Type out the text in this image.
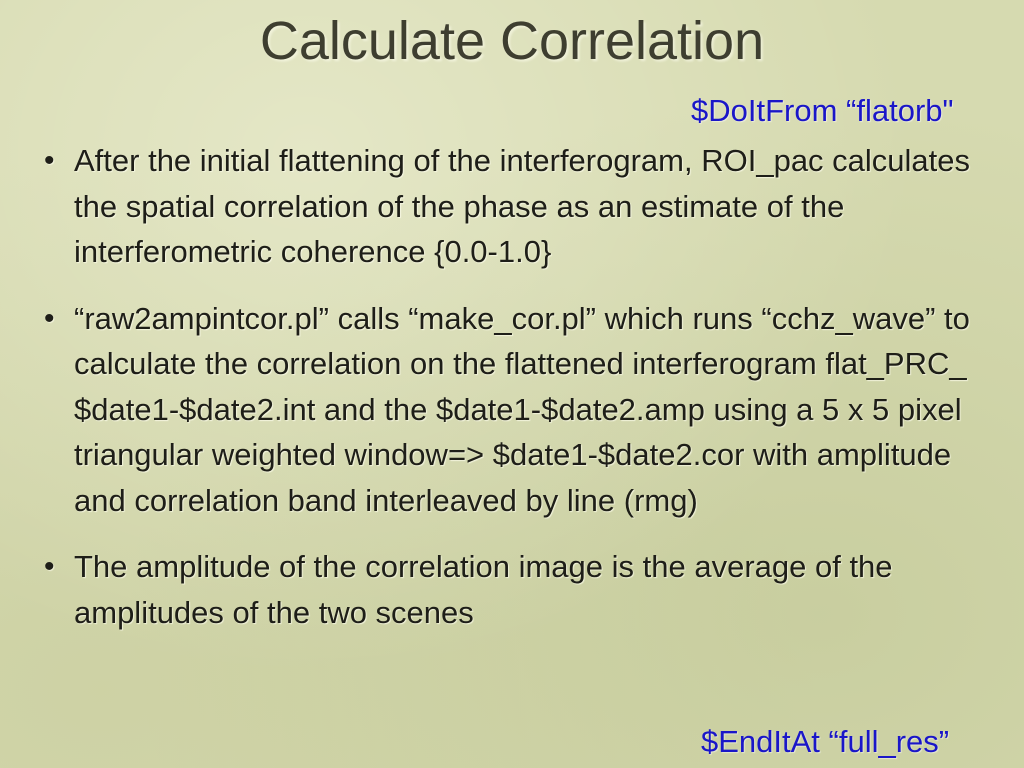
Calculate Correlation
$DoItFrom “flatorb"
• After the initial flattening of the interferogram, ROI_pac calculates the spatial correlation of the phase as an estimate of the interferometric coherence {0.0-1.0}
• “raw2ampintcor.pl” calls “make_cor.pl” which runs “cchz_wave” to calculate the correlation on the flattened interferogram flat_PRC_ $date1-$date2.int and the $date1-$date2.amp using a 5 x 5 pixel triangular weighted window=> $date1-$date2.cor with amplitude and correlation band interleaved by line (rmg)
• The amplitude of the correlation image is the average of the amplitudes of the two scenes
$EndItAt “full_res”
